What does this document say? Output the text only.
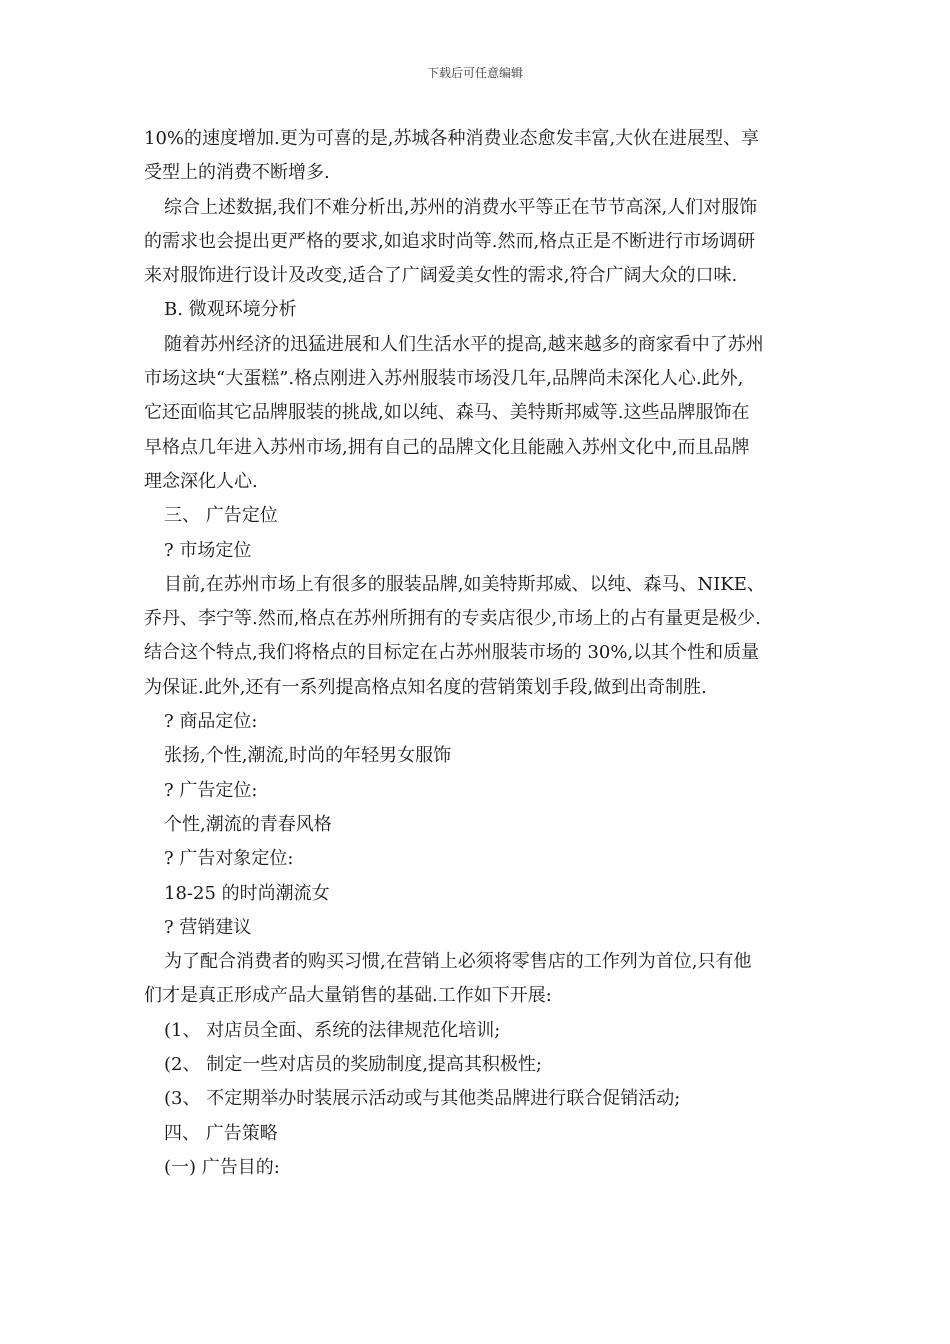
下载后可任意编辑
10%的速度增加.更为可喜的是,苏城各种消费业态愈发丰富,大伙在进展型、享
受型上的消费不断增多.
综合上述数据,我们不难分析出,苏州的消费水平等正在节节高深,人们对服饰
的需求也会提出更严格的要求,如追求时尚等.然而,格点正是不断进行市场调研
来对服饰进行设计及改变,适合了广阔爱美女性的需求,符合广阔大众的口味.
B. 微观环境分析
随着苏州经济的迅猛进展和人们生活水平的提高,越来越多的商家看中了苏州
市场这块“大蛋糕”.格点刚进入苏州服装市场没几年,品牌尚未深化人心.此外,
它还面临其它品牌服装的挑战,如以纯、森马、美特斯邦威等.这些品牌服饰在
早格点几年进入苏州市场,拥有自己的品牌文化且能融入苏州文化中,而且品牌
理念深化人心.
三、 广告定位
? 市场定位
目前,在苏州市场上有很多的服装品牌,如美特斯邦威、以纯、森马、NIKE、
乔丹、李宁等.然而,格点在苏州所拥有的专卖店很少,市场上的占有量更是极少.
结合这个特点,我们将格点的目标定在占苏州服装市场的 30%,以其个性和质量
为保证.此外,还有一系列提高格点知名度的营销策划手段,做到出奇制胜.
? 商品定位:
张扬,个性,潮流,时尚的年轻男女服饰
? 广告定位:
个性,潮流的青春风格
? 广告对象定位:
18-25 的时尚潮流女
? 营销建议
为了配合消费者的购买习惯,在营销上必须将零售店的工作列为首位,只有他
们才是真正形成产品大量销售的基础.工作如下开展:
(1、 对店员全面、系统的法律规范化培训;
(2、 制定一些对店员的奖励制度,提高其积极性;
(3、 不定期举办时装展示活动或与其他类品牌进行联合促销活动;
四、 广告策略
(一) 广告目的:
